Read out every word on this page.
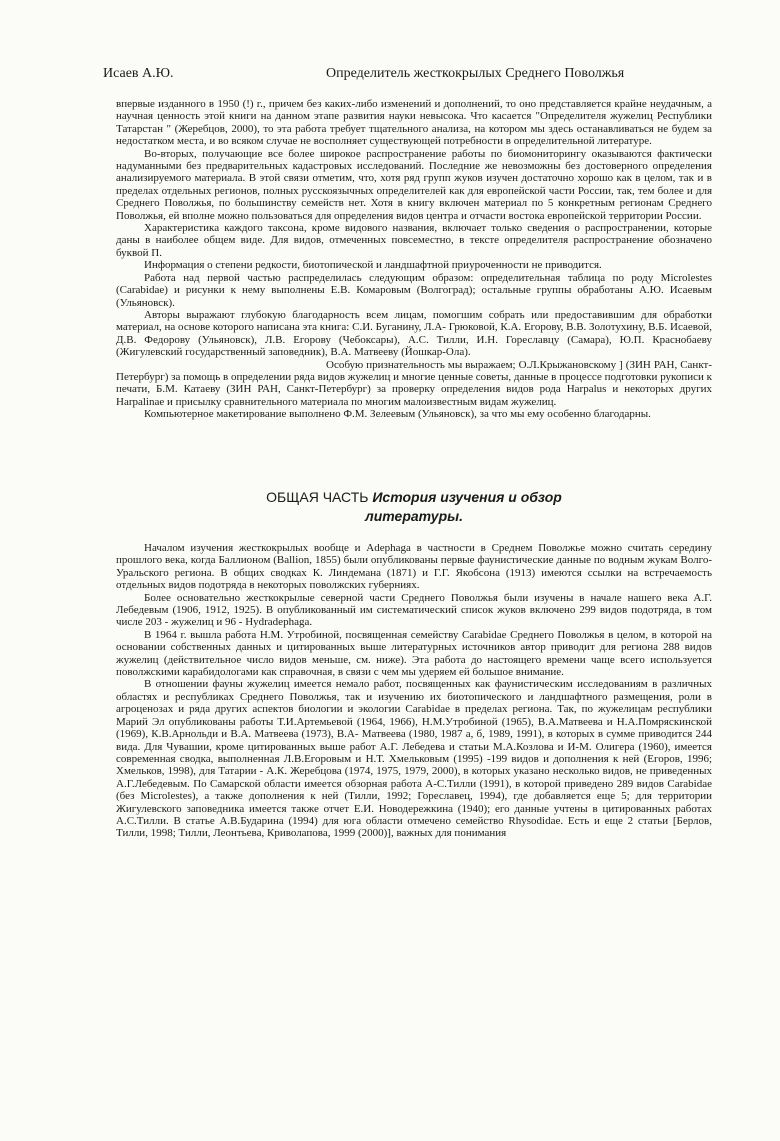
Исаев А.Ю.	Определитель жесткокрылых Среднего Поволжья

впервые изданного в 1950 (!) г., причем без каких-либо изменений и дополнений, то оно представляется крайне неудачным, а научная ценность этой книги на данном этапе развития науки невысока. Что касается "Определителя жужелиц Республики Татарстан " (Жеребцов, 2000), то эта работа требует тщательного анализа, на котором мы здесь останавливаться не будем за недостатком места, и во всяком случае не восполняет существующей потребности в определительной литературе.

Во-вторых, получающие все более широкое распространение работы по биомониторингу оказываются фактически надуманными без предварительных кадастровых исследований. Последние же невозможны без достоверного определения анализируемого материала. В этой связи отметим, что, хотя ряд групп жуков изучен достаточно хорошо как в целом, так и в пределах отдельных регионов, полных русскоязычных определителей как для европейской части России, так, тем более и для Среднего Поволжья, по большинству семейств нет. Хотя в книгу включен материал по 5 конкретным регионам Среднего Поволжья, ей вполне можно пользоваться для определения видов центра и отчасти востока европейской территории России.

Характеристика каждого таксона, кроме видового названия, включает только сведения о распространении, которые даны в наиболее общем виде. Для видов, отмеченных повсеместно, в тексте определителя распространение обозначено буквой П.

Информация о степени редкости, биотопической и ландшафтной приуроченности не приводится.

Работа над первой частью распределилась следующим образом: определительная таблица по роду Microlestes (Carabidae) и рисунки к нему выполнены Е.В. Комаровым (Волгоград); остальные группы обработаны А.Ю. Исаевым (Ульяновск).

Авторы выражают глубокую благодарность всем лицам, помогшим собрать или предоставившим для обработки материал, на основе которого написана эта книга: С.И. Буганину, Л.А- Грюковой, К.А. Егорову, В.В. Золотухину, В.Б. Исаевой, Д.В. Федорову (Ульяновск), Л.В. Егорову (Чебоксары), А.С. Тилли, И.Н. Гореславцу (Самара), Ю.П. Краснобаеву (Жигулевский государственный заповедник), В.А. Матвееву (Йошкар-Ола).

Особую признательность мы выражаем; О.Л.Крыжановскому ] (ЗИН РАН, Санкт-Петербург) за помощь в определении ряда видов жужелиц и многие ценные советы, данные в процессе подготовки рукописи к печати, Б.М. Катаеву (ЗИН РАН, Санкт-Петербург) за проверку определения видов рода Harpalus и некоторых других Harpalinae и присылку сравнительного материала по многим малоизвестным видам жужелиц.

Компьютерное макетирование выполнено Ф.М. Зелеевым (Ульяновск), за что мы ему особенно благодарны.

ОБЩАЯ ЧАСТЬ История изучения и обзор
литературы.

Началом изучения жесткокрылых вообще и Adephaga в частности в Среднем Поволжье можно считать середину прошлого века, когда Баллионом (Ballion, 1855) были опубликованы первые фаунистические данные по водным жукам Волго-Уральского региона. В общих сводках К. Линдемана (1871) и Г.Г. Якобсона (1913) имеются ссылки на встречаемость отдельных видов подотряда в некоторых поволжских губерниях.

Более основательно жесткокрылые северной части Среднего Поволжья были изучены в начале нашего века А.Г. Лебедевым (1906, 1912, 1925). В опубликованный им систематический список жуков включено 299 видов подотряда, в том числе 203 - жужелиц и 96 - Hydradephaga.

В 1964 г. вышла работа Н.М. Утробиной, посвященная семейству Carabidae Среднего Поволжья в целом, в которой на основании собственных данных и цитированных выше литературных источников автор приводит для региона 288 видов жужелиц (действительное число видов меньше, см. ниже). Эта работа до настоящего времени чаще всего используется поволжскими карабидологами как справочная, в связи с чем мы удеряем ей большое внимание.

В отношении фауны жужелиц имеется немало работ, посвященных как фаунистическим исследованиям в различных областях и республиках Среднего Поволжья, так и изучению их биотопического и ландшафтного размещения, роли в агроценозах и ряда других аспектов биологии и экологии Carabidae в пределах региона. Так, по жужелицам республики Марий Эл опубликованы работы Т.И.Артемьевой (1964, 1966), Н.М.Утробиной (1965), В.А.Матвеева и Н.А.Помряскинской (1969), К.В.Арнольди и В.А. Матвеева (1973), В.А- Матвеева (1980, 1987 а, б, 1989, 1991), в которых в сумме приводится 244 вида. Для Чувашии, кроме цитированных выше работ А.Г. Лебедева и статьи М.А.Козлова и И-М. Олигера (1960), имеется современная сводка, выполненная Л.В.Егоровым и Н.Т. Хмельковым (1995) -199 видов и дополнения к ней (Егоров, 1996; Хмельков, 1998), для Татарии - А.К. Жеребцова (1974, 1975, 1979, 2000), в которых указано несколько видов, не приведенных А.Г.Лебедевым. По Самарской области имеется обзорная работа А-С.Тилли (1991), в которой приведено 289 видов Carabidae (без Microlestes), а также дополнения к ней (Тилли, 1992; Гореславец, 1994), где добавляется еще 5; для территории Жигулевского заповедника имеется также отчет Е.И. Новодережкина (1940); его данные учтены в цитированных работах А.С.Тилли. В статье А.В.Бударина (1994) для юга области отмечено семейство Rhysodidae. Есть и еще 2 статьи [Берлов, Тилли, 1998; Тилли, Леонтьева, Криволапова, 1999 (2000)], важных для понимания
